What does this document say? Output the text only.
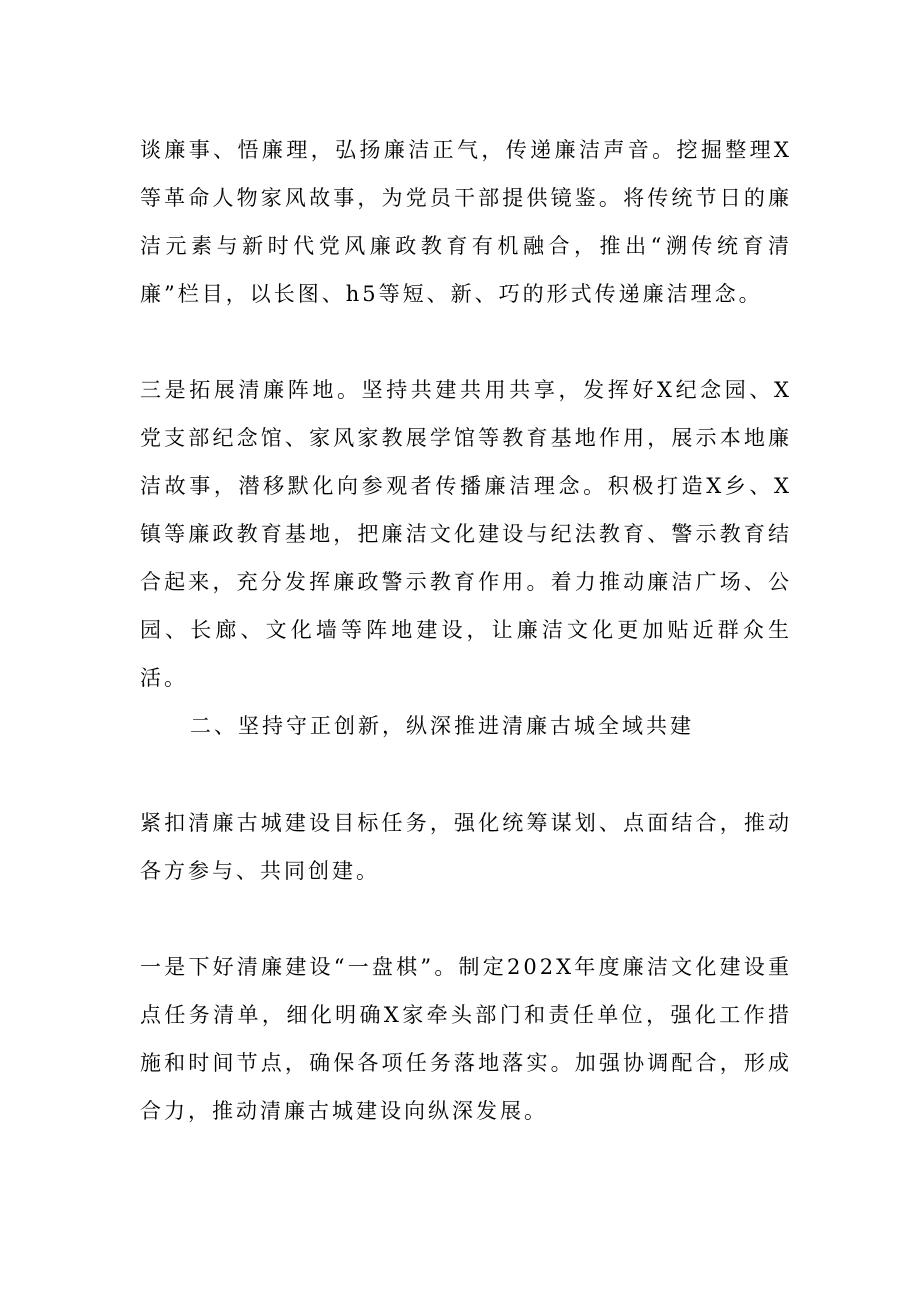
谈廉事、悟廉理，弘扬廉洁正气，传递廉洁声音。挖掘整理X等革命人物家风故事，为党员干部提供镜鉴。将传统节日的廉洁元素与新时代党风廉政教育有机融合，推出“溯传统育清廉”栏目，以长图、h5等短、新、巧的形式传递廉洁理念。

三是拓展清廉阵地。坚持共建共用共享，发挥好X纪念园、X党支部纪念馆、家风家教展学馆等教育基地作用，展示本地廉洁故事，潜移默化向参观者传播廉洁理念。积极打造X乡、X镇等廉政教育基地，把廉洁文化建设与纪法教育、警示教育结合起来，充分发挥廉政警示教育作用。着力推动廉洁广场、公园、长廊、文化墙等阵地建设，让廉洁文化更加贴近群众生活。

二、坚持守正创新，纵深推进清廉古城全域共建

紧扣清廉古城建设目标任务，强化统筹谋划、点面结合，推动各方参与、共同创建。

一是下好清廉建设“一盘棋”。制定202X年度廉洁文化建设重点任务清单，细化明确X家牵头部门和责任单位，强化工作措施和时间节点，确保各项任务落地落实。加强协调配合，形成合力，推动清廉古城建设向纵深发展。
